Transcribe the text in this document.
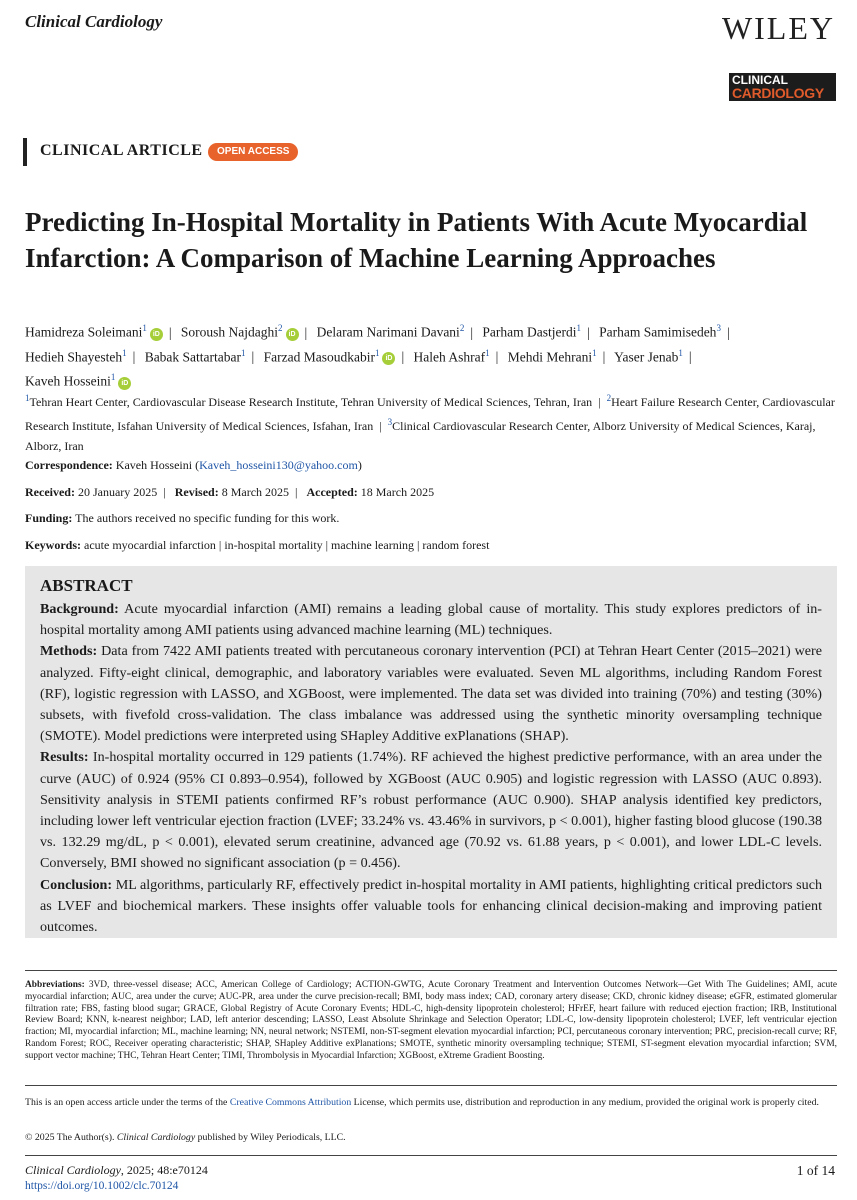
Clinical Cardiology	WILEY
CLINICAL
CARDIOLOGY
CLINICAL ARTICLE	OPEN ACCESS
Predicting In-Hospital Mortality in Patients With Acute Myocardial Infarction: A Comparison of Machine Learning Approaches
Hamidreza Soleimani$^1$iD | Soroush Najdaghi$^2$iD | Delaram Narimani Davani$^2$ | Parham Dastjerdi$^1$ | Parham Samimisedeh$^3$ |
Hedieh Shayesteh$^1$ | Babak Sattartabar$^1$ | Farzad Masoudkabir$^1$iD | Haleh Ashraf$^1$ | Mehdi Mehrani$^1$ | Yaser Jenab$^1$ |
Kaveh Hosseini$^1$iD
$^1$Tehran Heart Center, Cardiovascular Disease Research Institute, Tehran University of Medical Sciences, Tehran, Iran | $^2$Heart Failure Research Center, Cardiovascular Research Institute, Isfahan University of Medical Sciences, Isfahan, Iran | $^3$Clinical Cardiovascular Research Center, Alborz University of Medical Sciences, Karaj, Alborz, Iran
Correspondence: Kaveh Hosseini (Kaveh_hosseini130@yahoo.com)
Received: 20 January 2025 | Revised: 8 March 2025 | Accepted: 18 March 2025
Funding: The authors received no specific funding for this work.
Keywords: acute myocardial infarction | in-hospital mortality | machine learning | random forest
ABSTRACT
Background: Acute myocardial infarction (AMI) remains a leading global cause of mortality. This study explores predictors of in-hospital mortality among AMI patients using advanced machine learning (ML) techniques.
Methods: Data from 7422 AMI patients treated with percutaneous coronary intervention (PCI) at Tehran Heart Center (2015–2021) were analyzed. Fifty-eight clinical, demographic, and laboratory variables were evaluated. Seven ML algorithms, including Random Forest (RF), logistic regression with LASSO, and XGBoost, were implemented. The data set was divided into training (70%) and testing (30%) subsets, with fivefold cross-validation. The class imbalance was addressed using the synthetic minority oversampling technique (SMOTE). Model predictions were interpreted using SHapley Additive exPlanations (SHAP).
Results: In-hospital mortality occurred in 129 patients (1.74%). RF achieved the highest predictive performance, with an area under the curve (AUC) of 0.924 (95% CI 0.893–0.954), followed by XGBoost (AUC 0.905) and logistic regression with LASSO (AUC 0.893). Sensitivity analysis in STEMI patients confirmed RF’s robust performance (AUC 0.900). SHAP analysis identified key predictors, including lower left ventricular ejection fraction (LVEF; 33.24% vs. 43.46% in survivors, p < 0.001), higher fasting blood glucose (190.38 vs. 132.29 mg/dL, p < 0.001), elevated serum creatinine, advanced age (70.92 vs. 61.88 years, p < 0.001), and lower LDL-C levels. Conversely, BMI showed no significant association (p = 0.456).
Conclusion: ML algorithms, particularly RF, effectively predict in-hospital mortality in AMI patients, highlighting critical predictors such as LVEF and biochemical markers. These insights offer valuable tools for enhancing clinical decision-making and improving patient outcomes.
Abbreviations: 3VD, three-vessel disease; ACC, American College of Cardiology; ACTION-GWTG, Acute Coronary Treatment and Intervention Outcomes Network—Get With The Guidelines; AMI, acute myocardial infarction; AUC, area under the curve; AUC-PR, area under the curve precision-recall; BMI, body mass index; CAD, coronary artery disease; CKD, chronic kidney disease; eGFR, estimated glomerular filtration rate; FBS, fasting blood sugar; GRACE, Global Registry of Acute Coronary Events; HDL-C, high-density lipoprotein cholesterol; HFrEF, heart failure with reduced ejection fraction; IRB, Institutional Review Board; KNN, k-nearest neighbor; LAD, left anterior descending; LASSO, Least Absolute Shrinkage and Selection Operator; LDL-C, low-density lipoprotein cholesterol; LVEF, left ventricular ejection fraction; MI, myocardial infarction; ML, machine learning; NN, neural network; NSTEMI, non-ST-segment elevation myocardial infarction; PCI, percutaneous coronary intervention; PRC, precision-recall curve; RF, Random Forest; ROC, Receiver operating characteristic; SHAP, SHapley Additive exPlanations; SMOTE, synthetic minority oversampling technique; STEMI, ST-segment elevation myocardial infarction; SVM, support vector machine; THC, Tehran Heart Center; TIMI, Thrombolysis in Myocardial Infarction; XGBoost, eXtreme Gradient Boosting.
This is an open access article under the terms of the Creative Commons Attribution License, which permits use, distribution and reproduction in any medium, provided the original work is properly cited.
© 2025 The Author(s). Clinical Cardiology published by Wiley Periodicals, LLC.
Clinical Cardiology, 2025; 48:e70124
https://doi.org/10.1002/clc.70124
1 of 14
